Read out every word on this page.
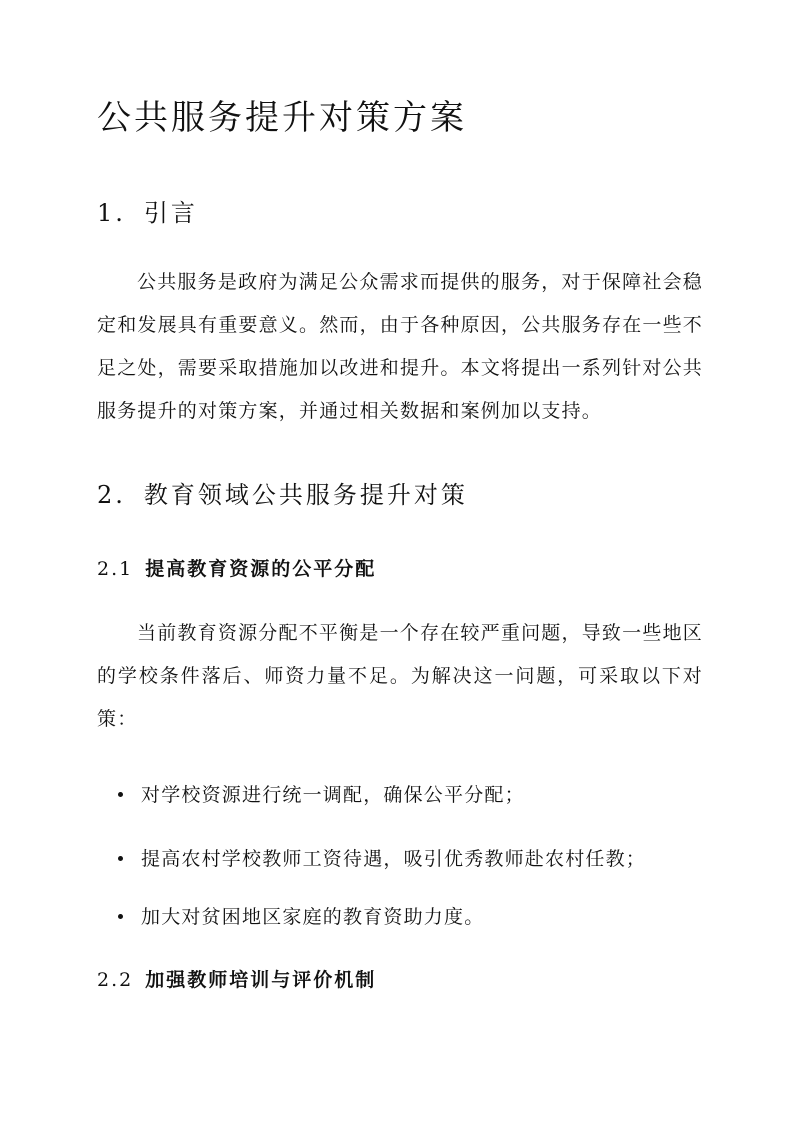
公共服务提升对策方案
1. 引言

公共服务是政府为满足公众需求而提供的服务，对于保障社会稳定和发展具有重要意义。然而，由于各种原因，公共服务存在一些不足之处，需要采取措施加以改进和提升。本文将提出一系列针对公共服务提升的对策方案，并通过相关数据和案例加以支持。

2. 教育领域公共服务提升对策
2.1 提高教育资源的公平分配

当前教育资源分配不平衡是一个存在较严重问题，导致一些地区的学校条件落后、师资力量不足。为解决这一问题，可采取以下对策：

对学校资源进行统一调配，确保公平分配；
提高农村学校教师工资待遇，吸引优秀教师赴农村任教；
加大对贫困地区家庭的教育资助力度。
2.2 加强教师培训与评价机制
